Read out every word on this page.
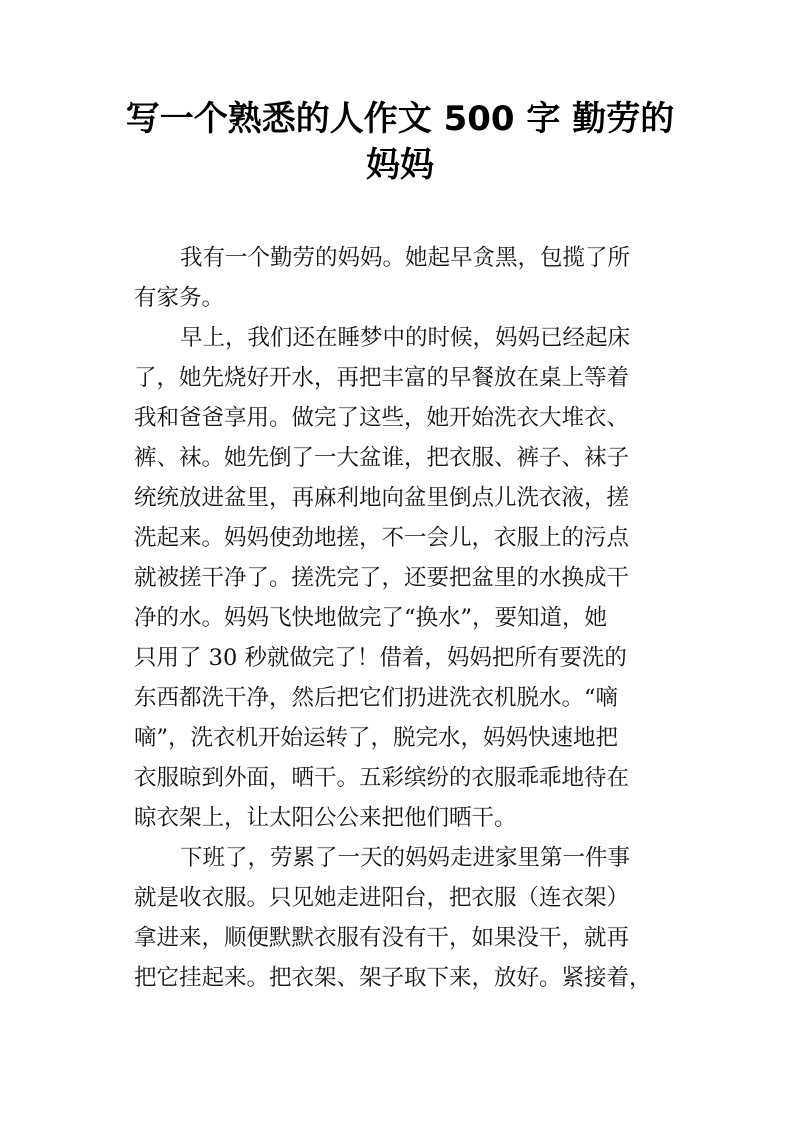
写一个熟悉的人作文 500 字 勤劳的妈妈
我有一个勤劳的妈妈。她起早贪黑，包揽了所
有家务。
早上，我们还在睡梦中的时候，妈妈已经起床
了，她先烧好开水，再把丰富的早餐放在桌上等着
我和爸爸享用。做完了这些，她开始洗衣大堆衣、
裤、袜。她先倒了一大盆谁，把衣服、裤子、袜子
统统放进盆里，再麻利地向盆里倒点儿洗衣液，搓
洗起来。妈妈使劲地搓，不一会儿，衣服上的污点
就被搓干净了。搓洗完了，还要把盆里的水换成干
净的水。妈妈飞快地做完了“换水”，要知道，她
只用了 30 秒就做完了！借着，妈妈把所有要洗的
东西都洗干净，然后把它们扔进洗衣机脱水。“嘀
嘀”，洗衣机开始运转了，脱完水，妈妈快速地把
衣服晾到外面，晒干。五彩缤纷的衣服乖乖地待在
晾衣架上，让太阳公公来把他们晒干。
下班了，劳累了一天的妈妈走进家里第一件事
就是收衣服。只见她走进阳台，把衣服（连衣架）
拿进来，顺便默默衣服有没有干，如果没干，就再
把它挂起来。把衣架、架子取下来，放好。紧接着，
